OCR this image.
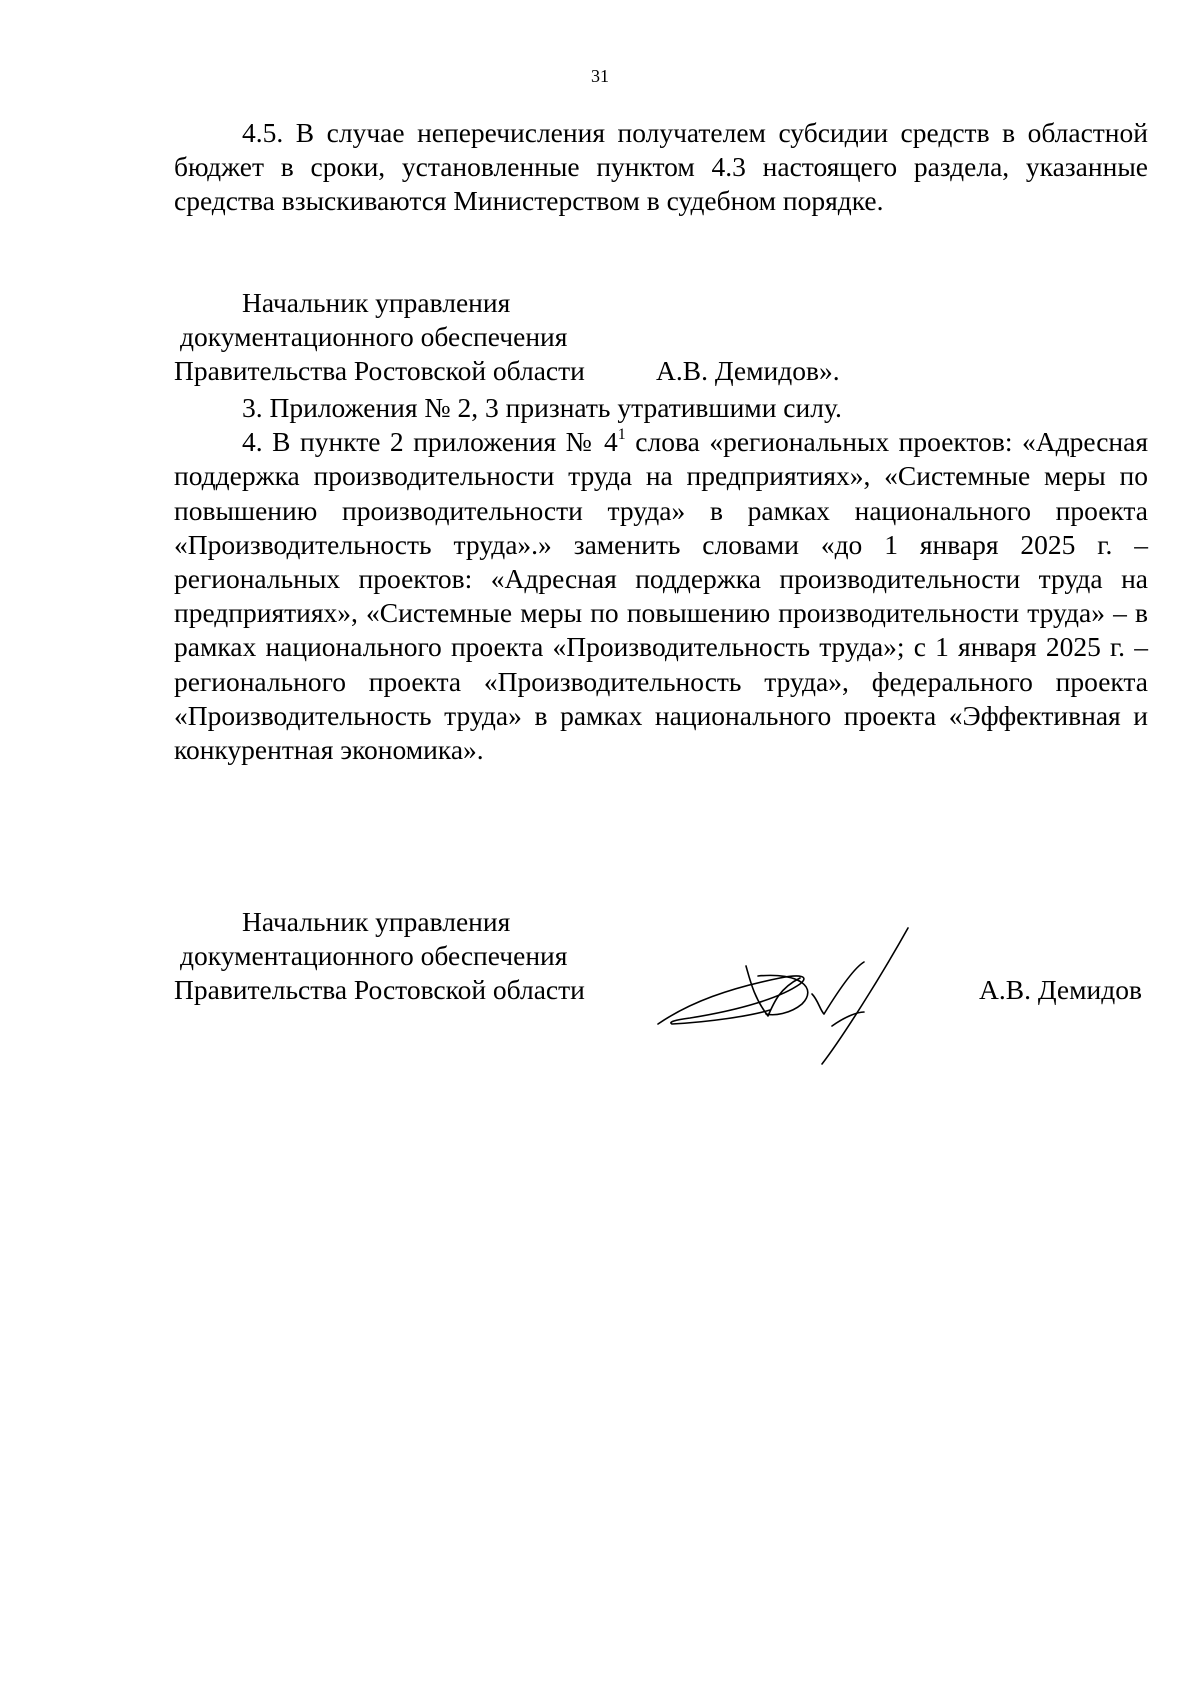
31

4.5. В случае неперечисления получателем субсидии средств в областной бюджет в сроки, установленные пунктом 4.3 настоящего раздела, указанные средства взыскиваются Министерством в судебном порядке.

Начальник управления
документационного обеспечения
Правительства Ростовской области	А.В. Демидов».

3. Приложения № 2, 3 признать утратившими силу.

4. В пункте 2 приложения № $4^1$ слова «региональных проектов: «Адресная поддержка производительности труда на предприятиях», «Системные меры по повышению производительности труда» в рамках национального проекта «Производительность труда».» заменить словами «до 1 января 2025 г. – региональных проектов: «Адресная поддержка производительности труда на предприятиях», «Системные меры по повышению производительности труда» – в рамках национального проекта «Производительность труда»; с 1 января 2025 г. – регионального проекта «Производительность труда», федерального проекта «Производительность труда» в рамках национального проекта «Эффективная и конкурентная экономика».

Начальник управления
документационного обеспечения
Правительства Ростовской области	А.В. Демидов
